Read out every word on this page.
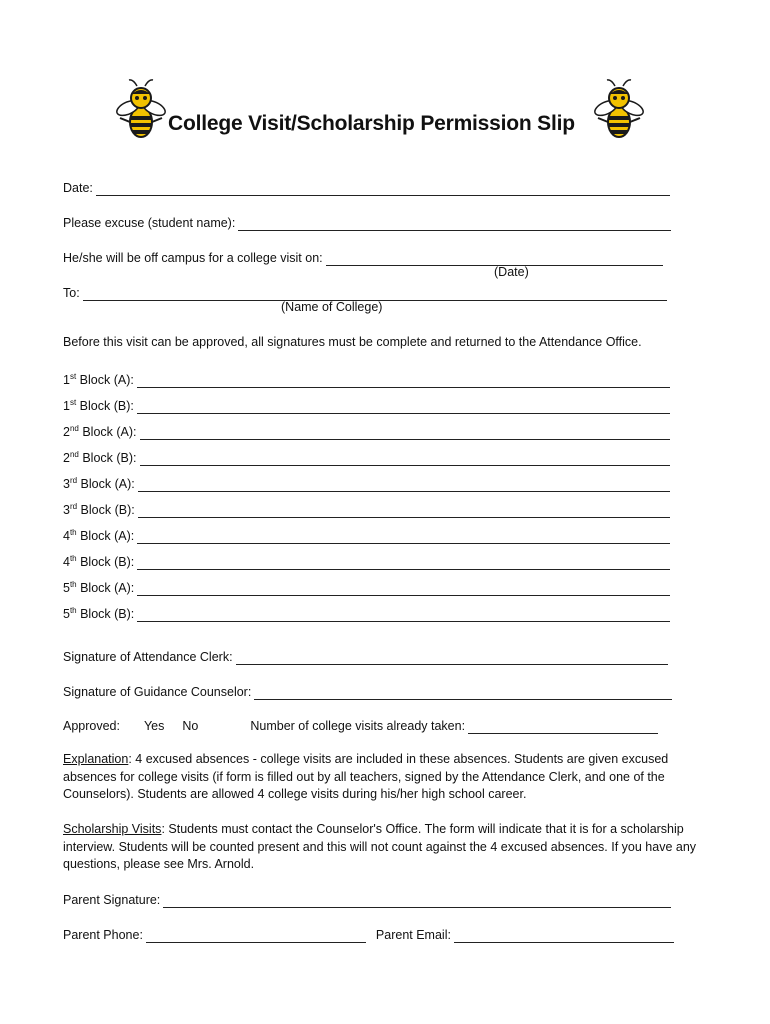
College Visit/Scholarship Permission Slip
Date:
Please excuse (student name):
He/she will be off campus for a college visit on:
(Date)
To:
(Name of College)
Before this visit can be approved, all signatures must be complete and returned to the Attendance Office.
1st Block (A):
1st Block (B):
2nd Block (A):
2nd Block (B):
3rd Block (A):
3rd Block (B):
4th Block (A):
4th Block (B):
5th Block (A):
5th Block (B):
Signature of Attendance Clerk:
Signature of Guidance Counselor:
Approved: Yes No	Number of college visits already taken:
Explanation: 4 excused absences - college visits are included in these absences. Students are given excused absences for college visits (if form is filled out by all teachers, signed by the Attendance Clerk, and one of the Counselors). Students are allowed 4 college visits during his/her high school career.
Scholarship Visits: Students must contact the Counselor's Office. The form will indicate that it is for a scholarship interview. Students will be counted present and this will not count against the 4 excused absences. If you have any questions, please see Mrs. Arnold.
Parent Signature:
Parent Phone:	Parent Email:
